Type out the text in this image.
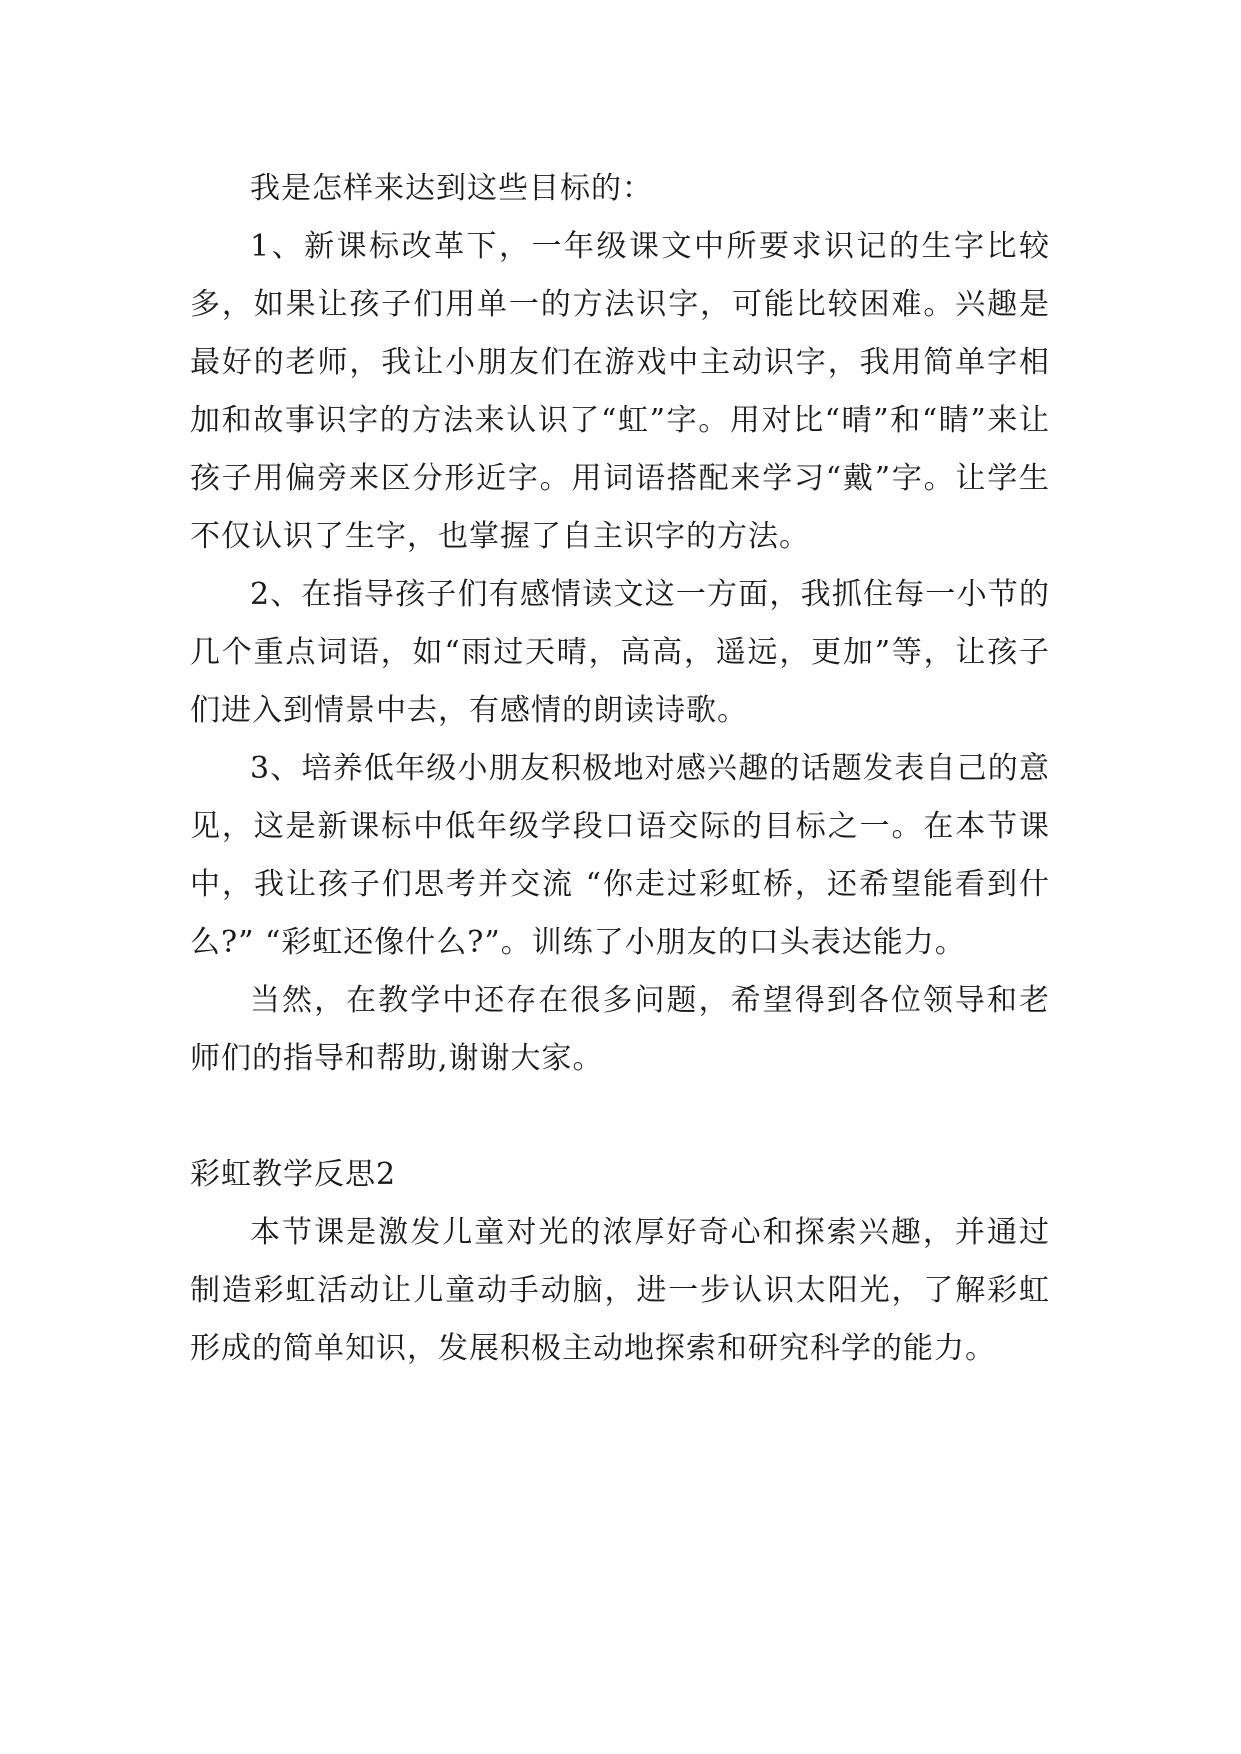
我是怎样来达到这些目标的：

1、新课标改革下，一年级课文中所要求识记的生字比较多，如果让孩子们用单一的方法识字，可能比较困难。兴趣是最好的老师，我让小朋友们在游戏中主动识字，我用简单字相加和故事识字的方法来认识了“虹”字。用对比“晴”和“睛”来让孩子用偏旁来区分形近字。用词语搭配来学习“戴”字。让学生不仅认识了生字，也掌握了自主识字的方法。

2、在指导孩子们有感情读文这一方面，我抓住每一小节的几个重点词语，如“雨过天晴，高高，遥远，更加”等，让孩子们进入到情景中去，有感情的朗读诗歌。

3、培养低年级小朋友积极地对感兴趣的话题发表自己的意见，这是新课标中低年级学段口语交际的目标之一。在本节课中，我让孩子们思考并交流 “你走过彩虹桥，还希望能看到什么?” “彩虹还像什么?”。训练了小朋友的口头表达能力。

当然，在教学中还存在很多问题，希望得到各位领导和老师们的指导和帮助,谢谢大家。

彩虹教学反思2

本节课是激发儿童对光的浓厚好奇心和探索兴趣，并通过制造彩虹活动让儿童动手动脑，进一步认识太阳光，了解彩虹形成的简单知识，发展积极主动地探索和研究科学的能力。
